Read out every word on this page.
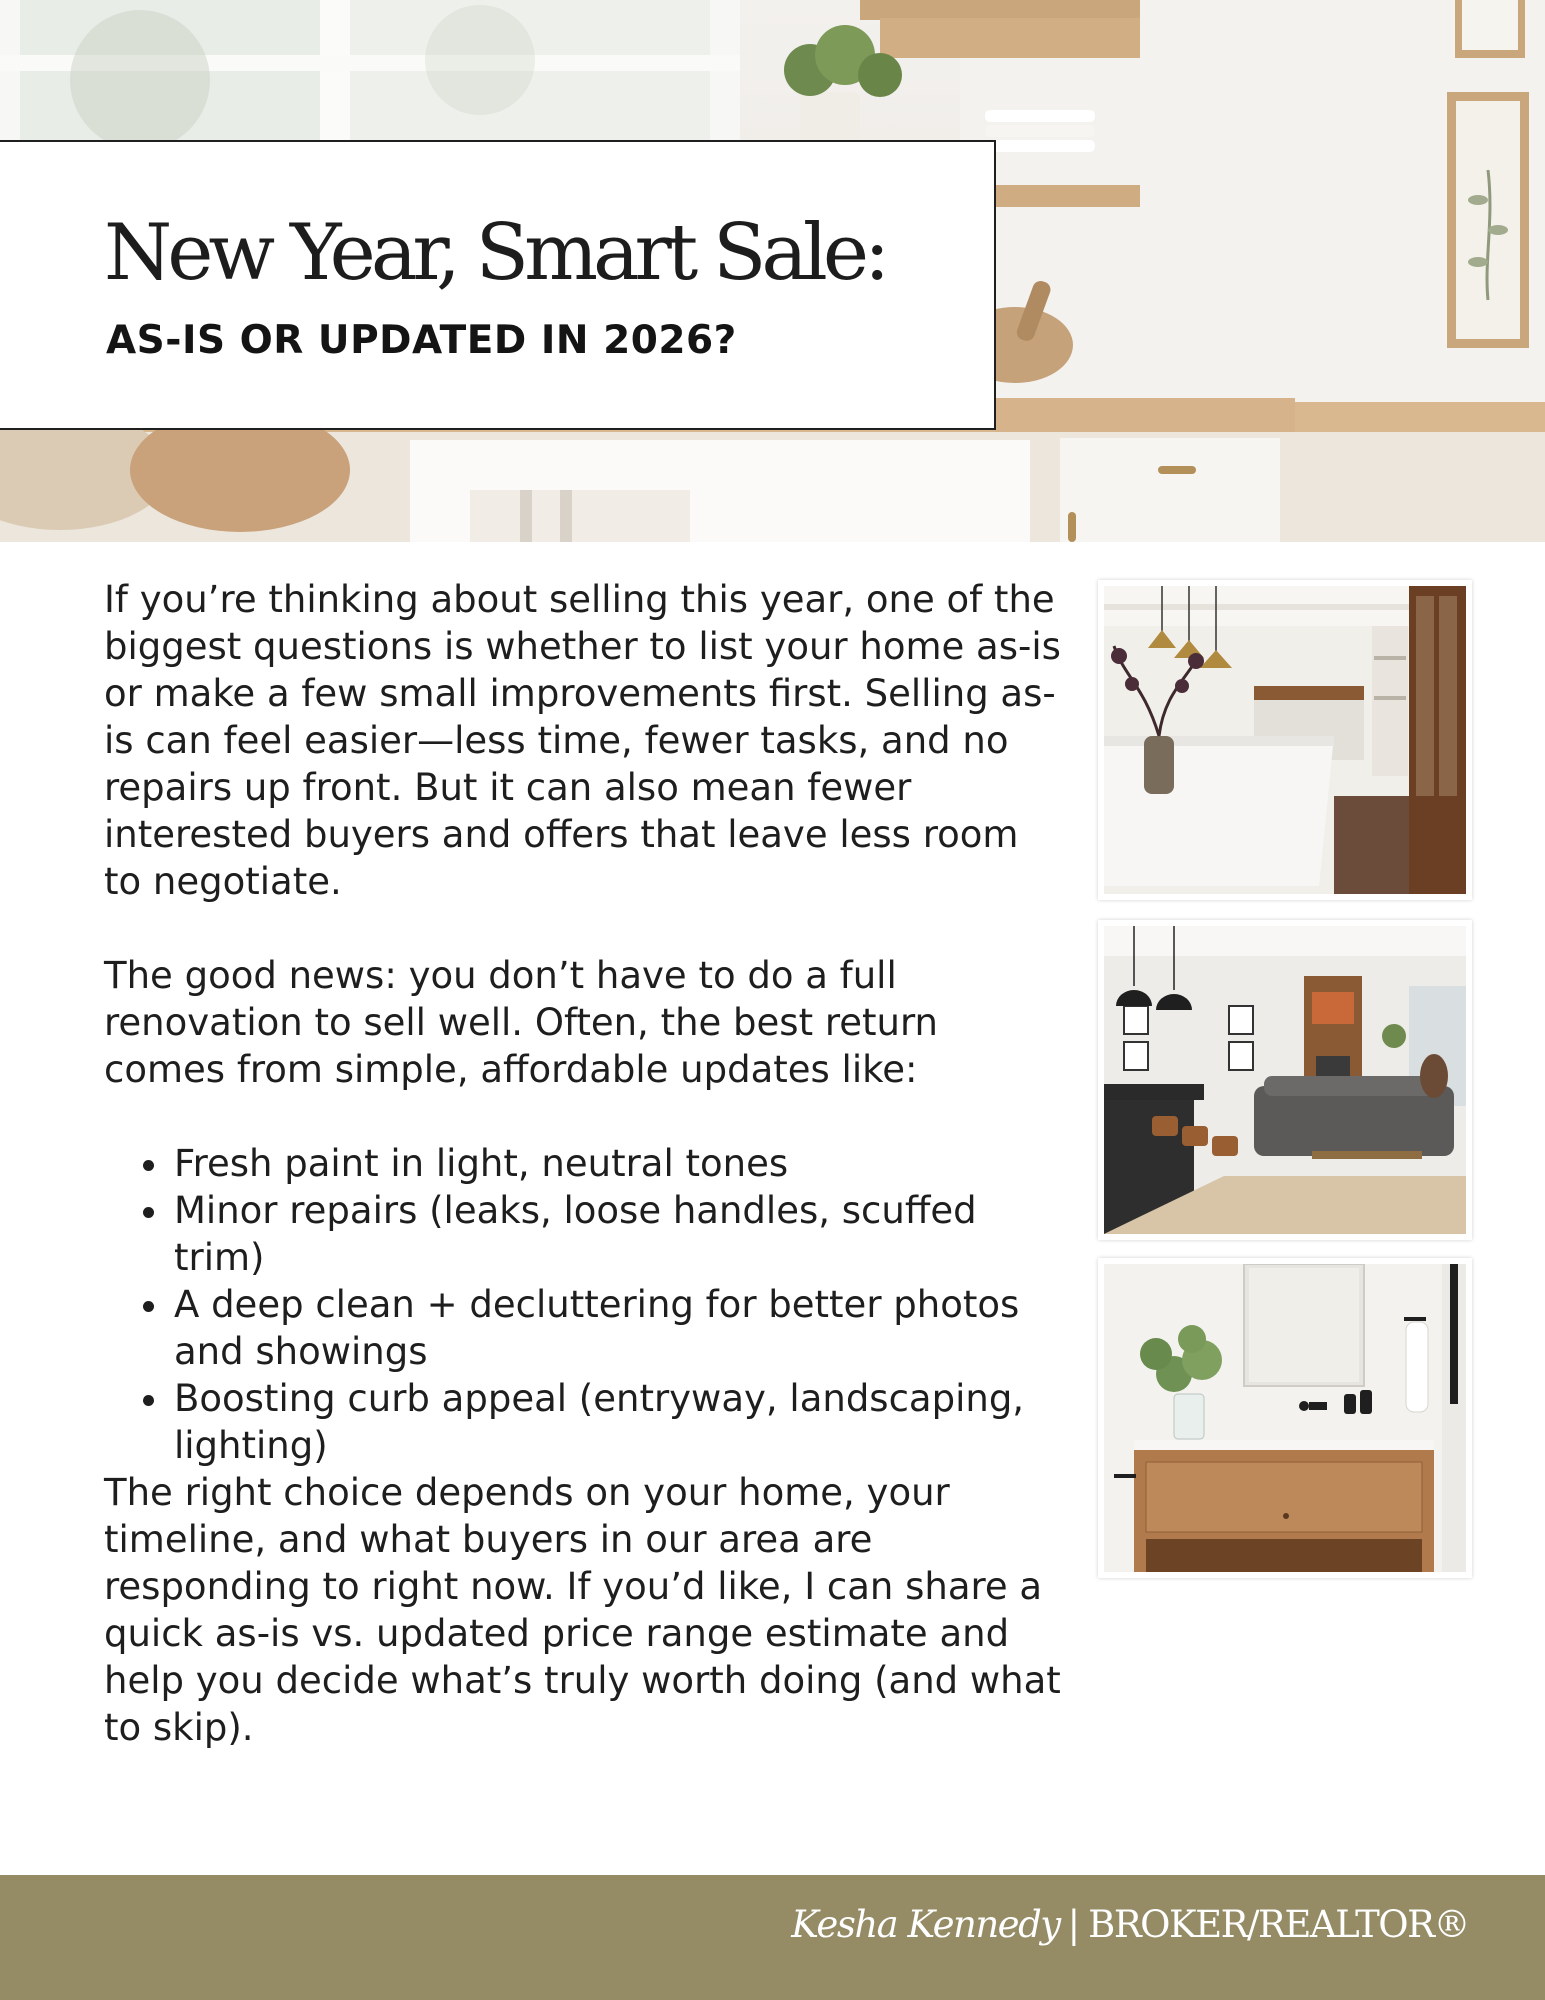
New Year, Smart Sale:
AS-IS OR UPDATED IN 2026?

If you’re thinking about selling this year, one of the biggest questions is whether to list your home as-is or make a few small improvements first. Selling as-is can feel easier—less time, fewer tasks, and no repairs up front. But it can also mean fewer interested buyers and offers that leave less room to negotiate.

The good news: you don’t have to do a full renovation to sell well. Often, the best return comes from simple, affordable updates like:

• Fresh paint in light, neutral tones
• Minor repairs (leaks, loose handles, scuffed trim)
• A deep clean + decluttering for better photos and showings
• Boosting curb appeal (entryway, landscaping, lighting)

The right choice depends on your home, your timeline, and what buyers in our area are responding to right now. If you’d like, I can share a quick as-is vs. updated price range estimate and help you decide what’s truly worth doing (and what to skip).

Kesha Kennedy | BROKER/REALTOR®
